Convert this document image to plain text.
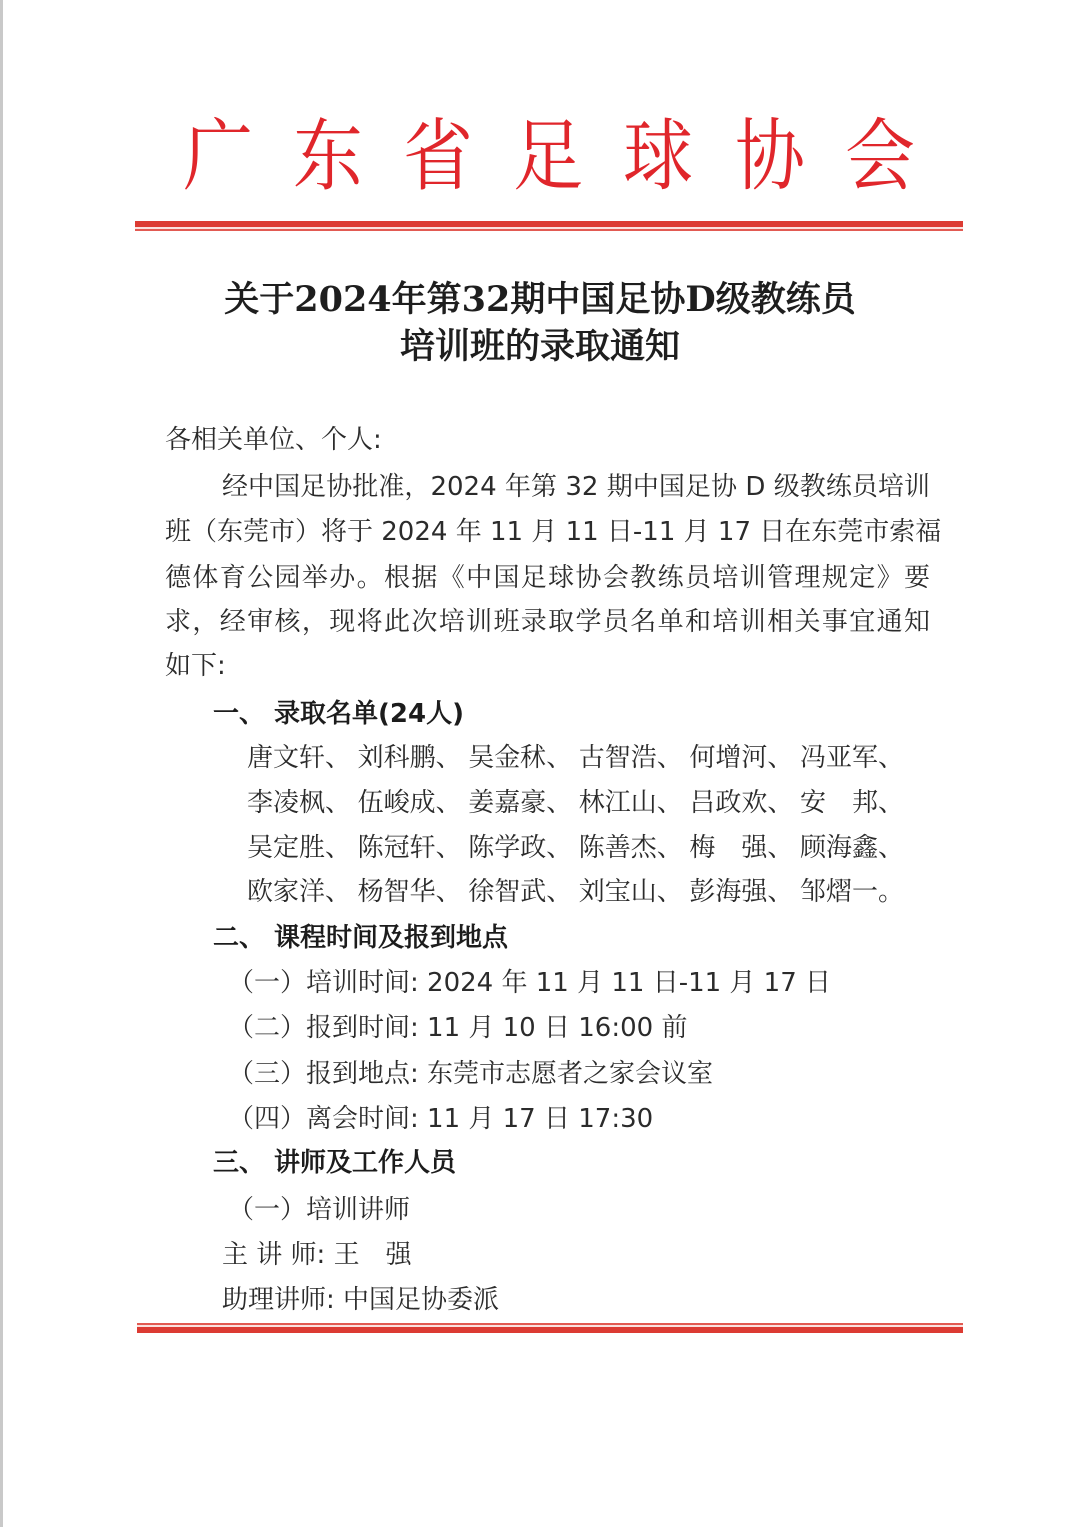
广 东 省 足 球 协 会
关于2024年第32期中国足协D级教练员
培训班的录取通知
各相关单位、个人:
经中国足协批准，2024 年第 32 期中国足协 D 级教练员培训
班（东莞市）将于 2024 年 11 月 11 日-11 月 17 日在东莞市索福
德体育公园举办。根据《中国足球协会教练员培训管理规定》要
求，经审核，现将此次培训班录取学员名单和培训相关事宜通知
如下:
一、 录取名单(24人)
唐文轩、 刘科鹏、 吴金秫、 古智浩、 何增河、 冯亚军、
李凌枫、 伍峻成、 姜嘉豪、 林江山、 吕政欢、 安　邦、
吴定胜、 陈冠轩、 陈学政、 陈善杰、 梅　强、 顾海鑫、
欧家洋、 杨智华、 徐智武、 刘宝山、 彭海强、 邹熠一。
二、 课程时间及报到地点
（一）培训时间: 2024 年 11 月 11 日-11 月 17 日
（二）报到时间: 11 月 10 日 16:00 前
（三）报到地点: 东莞市志愿者之家会议室
（四）离会时间: 11 月 17 日 17:30
三、 讲师及工作人员
（一）培训讲师
主 讲 师: 王　强
助理讲师: 中国足协委派
